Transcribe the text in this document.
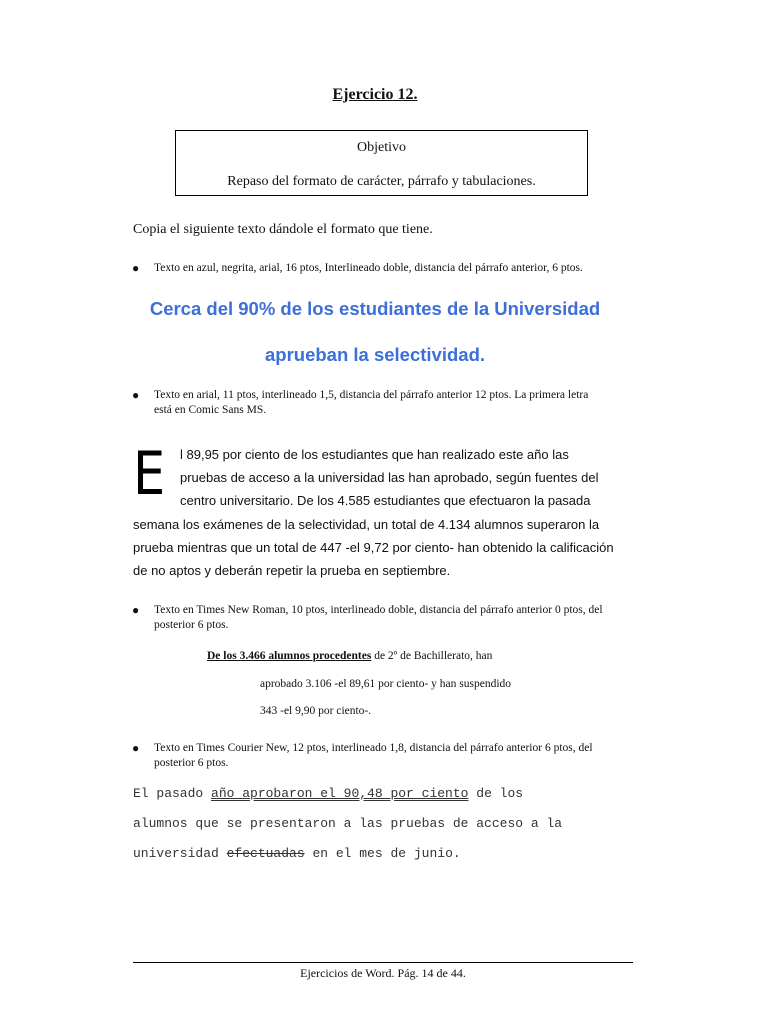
Ejercicio 12.
Objetivo
Repaso del formato de carácter, párrafo y tabulaciones.
Copia el siguiente texto dándole el formato que tiene.
● Texto en azul, negrita, arial, 16 ptos, Interlineado doble, distancia del párrafo anterior, 6 ptos.
Cerca del 90% de los estudiantes de la Universidad
aprueban la selectividad.
● Texto en arial, 11 ptos, interlineado 1,5, distancia del párrafo anterior 12 ptos. La primera letra
está en Comic Sans MS.
E	l 89,95 por ciento de los estudiantes que han realizado este año las
pruebas de acceso a la universidad las han aprobado, según fuentes del
centro universitario. De los 4.585 estudiantes que efectuaron la pasada
semana los exámenes de la selectividad, un total de 4.134 alumnos superaron la
prueba mientras que un total de 447 -el 9,72 por ciento- han obtenido la calificación
de no aptos y deberán repetir la prueba en septiembre.
● Texto en Times New Roman, 10 ptos, interlineado doble, distancia del párrafo anterior 0 ptos, del
posterior 6 ptos.
De los 3.466 alumnos procedentes de 2º de Bachillerato, han
aprobado 3.106 -el 89,61 por ciento- y han suspendido
343 -el 9,90 por ciento-.
● Texto en Times Courier New, 12 ptos, interlineado 1,8, distancia del párrafo anterior 6 ptos, del
posterior 6 ptos.
El pasado año aprobaron el 90,48 por ciento de los
alumnos que se presentaron a las pruebas de acceso a la
universidad efectuadas en el mes de junio.
Ejercicios de Word. Pág. 14 de 44.
